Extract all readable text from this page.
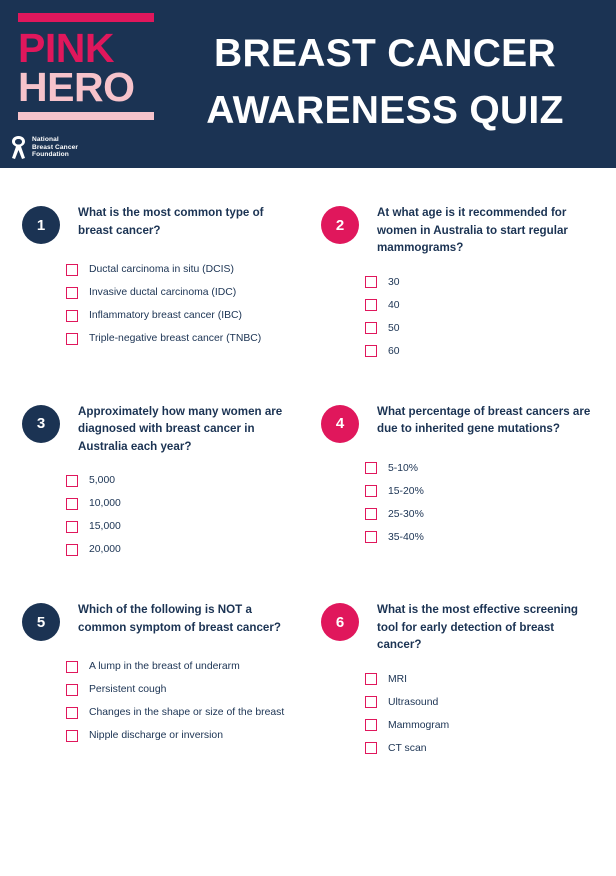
PINK
HERO
National
Breast Cancer
Foundation
BREAST CANCER
AWARENESS QUIZ
1
What is the most common type of breast cancer?
Ductal carcinoma in situ (DCIS)
Invasive ductal carcinoma (IDC)
Inflammatory breast cancer (IBC)
Triple-negative breast cancer (TNBC)
2
At what age is it recommended for women in Australia to start regular mammograms?
30
40
50
60
3
Approximately how many women are diagnosed with breast cancer in Australia each year?
5,000
10,000
15,000
20,000
4
What percentage of breast cancers are due to inherited gene mutations?
5-10%
15-20%
25-30%
35-40%
5
Which of the following is NOT a common symptom of breast cancer?
A lump in the breast of underarm
Persistent cough
Changes in the shape or size of the breast
Nipple discharge or inversion
6
What is the most effective screening tool for early detection of breast cancer?
MRI
Ultrasound
Mammogram
CT scan
